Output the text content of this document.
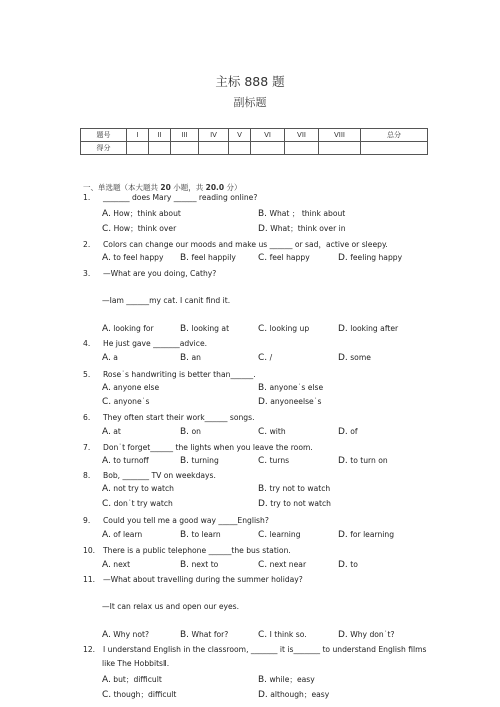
主标 888 题
副标题
题号	I	II	III	IV	V	VI	VII	VIII	总分
得分									
一、单选题（本大题共 20 小题，共 20.0 分）
1. _______ does Mary ______ reading online?
A. How；think about	B. What ； think about
C. How；think over	D. What；think over in
2. Colors can change our moods and make us ______ or sad，active or sleepy.
A. to feel happy B. feel happily C. feel happy	D. feeling happy
3. —What are you doing, Cathy?
—Iam ______my cat. I canit find it.
A. looking for	B. looking at	C. looking up	D. looking after
4. He just gave _______advice.
A. a	B. an	C. /	D. some
5. Rose˙s handwriting is better than______.
A. anyone else	B. anyone˙s else
C. anyone˙s	D. anyoneelse˙s
6. They often start their work______ songs.
A. at	B. on	C. with	D. of
7. Don˙t forget______ the lights when you leave the room.
A. to turnoff	B. turning	C. turns	D. to turn on
8. Bob, _______ TV on weekdays.
A. not try to watch	B. try not to watch
C. don˙t try watch	D. try to not watch
9. Could you tell me a good way _____English?
A. of learn	B. to learn	C. learning	D. for learning
10. There is a public telephone ______the bus station.
A. next	B. next to	C. next near	D. to
11. —What about travelling during the summer holiday?
—It can relax us and open our eyes.
A. Why not?	B. What for?	C. I think so.	D. Why don˙t?
12. I understand English in the classroom, _______ it is_______ to understand English films
like The HobbitsⅡ.
A. but；difficult	B. while；easy
C. though；difficult	D. although；easy
